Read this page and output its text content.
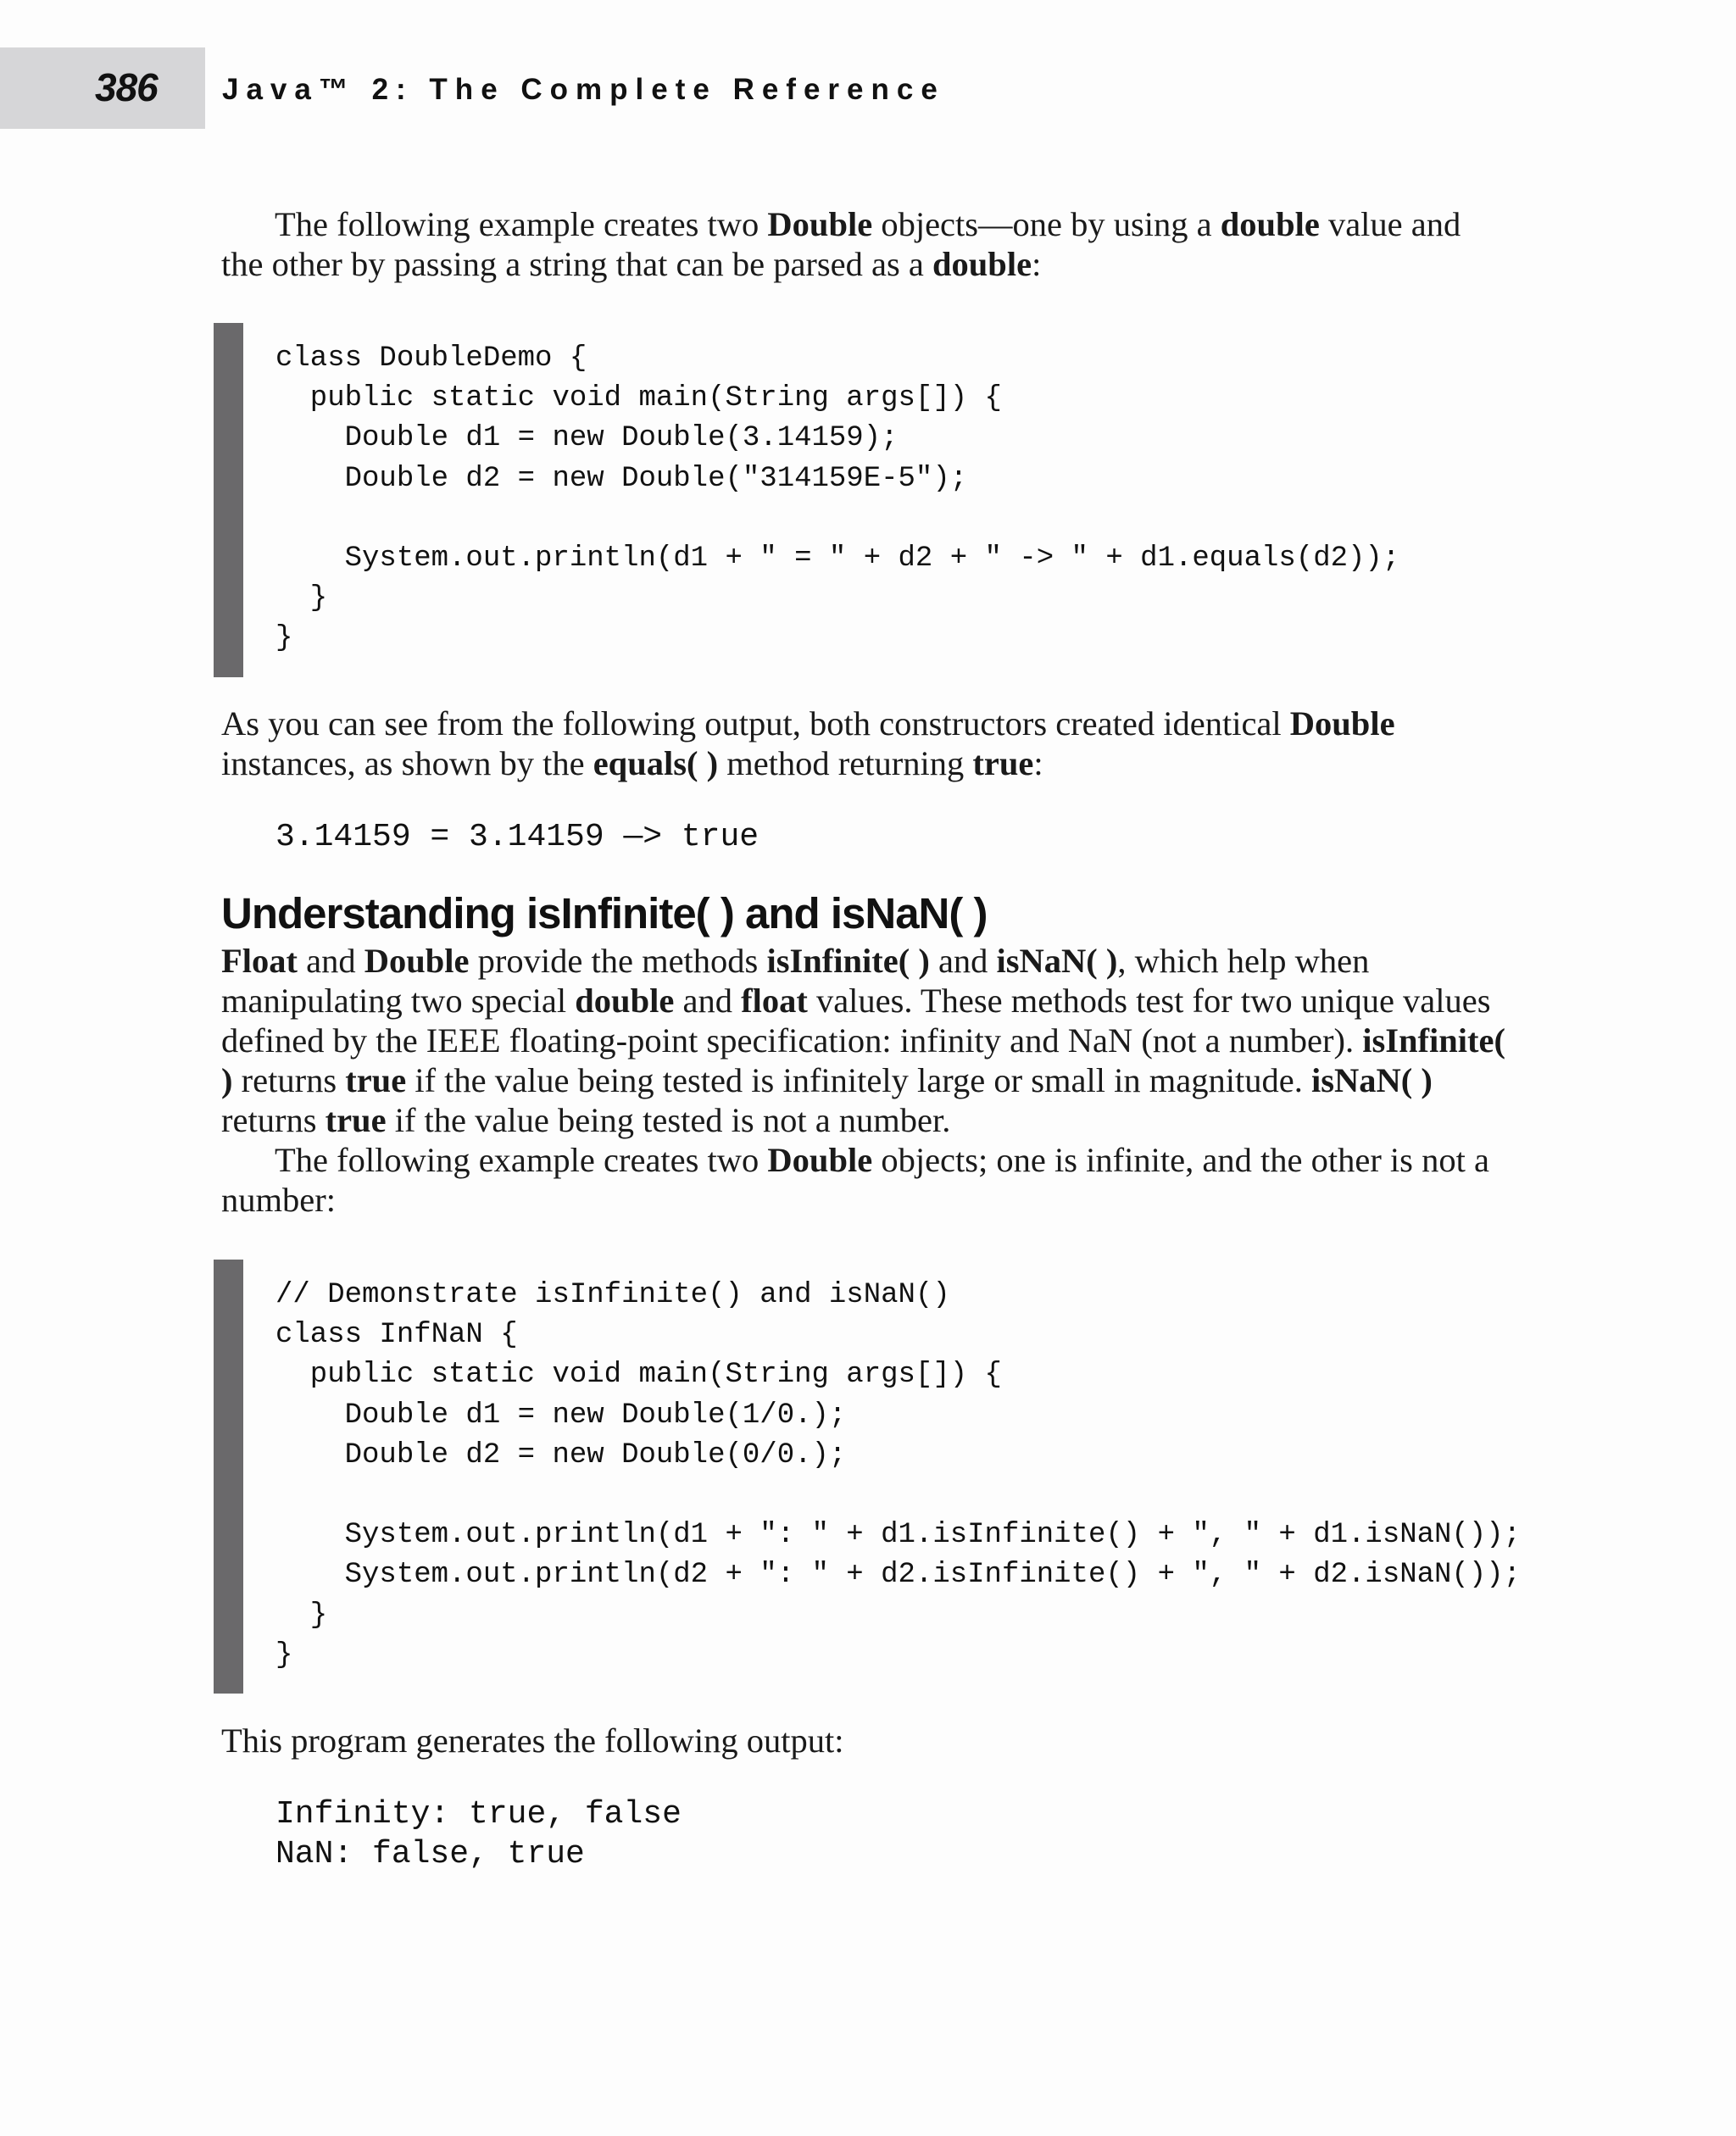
386 Java™ 2: The Complete Reference

The following example creates two Double objects—one by using a double value and the other by passing a string that can be parsed as a double:

class DoubleDemo {
public static void main(String args[]) {
Double d1 = new Double(3.14159);
Double d2 = new Double("314159E-5");

System.out.println(d1 + " = " + d2 + " -> " + d1.equals(d2));
}
}

As you can see from the following output, both constructors created identical Double instances, as shown by the equals( ) method returning true:

3.14159 = 3.14159 —> true
Understanding isInfinite( ) and isNaN( )

Float and Double provide the methods isInfinite( ) and isNaN( ), which help when manipulating two special double and float values. These methods test for two unique values defined by the IEEE floating-point specification: infinity and NaN (not a number). isInfinite( ) returns true if the value being tested is infinitely large or small in magnitude. isNaN( ) returns true if the value being tested is not a number.

The following example creates two Double objects; one is infinite, and the other is not a number:

// Demonstrate isInfinite() and isNaN()
class InfNaN {
public static void main(String args[]) {
Double d1 = new Double(1/0.);
Double d2 = new Double(0/0.);

System.out.println(d1 + ": " + d1.isInfinite() + ", " + d1.isNaN());
System.out.println(d2 + ": " + d2.isInfinite() + ", " + d2.isNaN());
}
}

This program generates the following output:

Infinity: true, false
NaN: false, true
